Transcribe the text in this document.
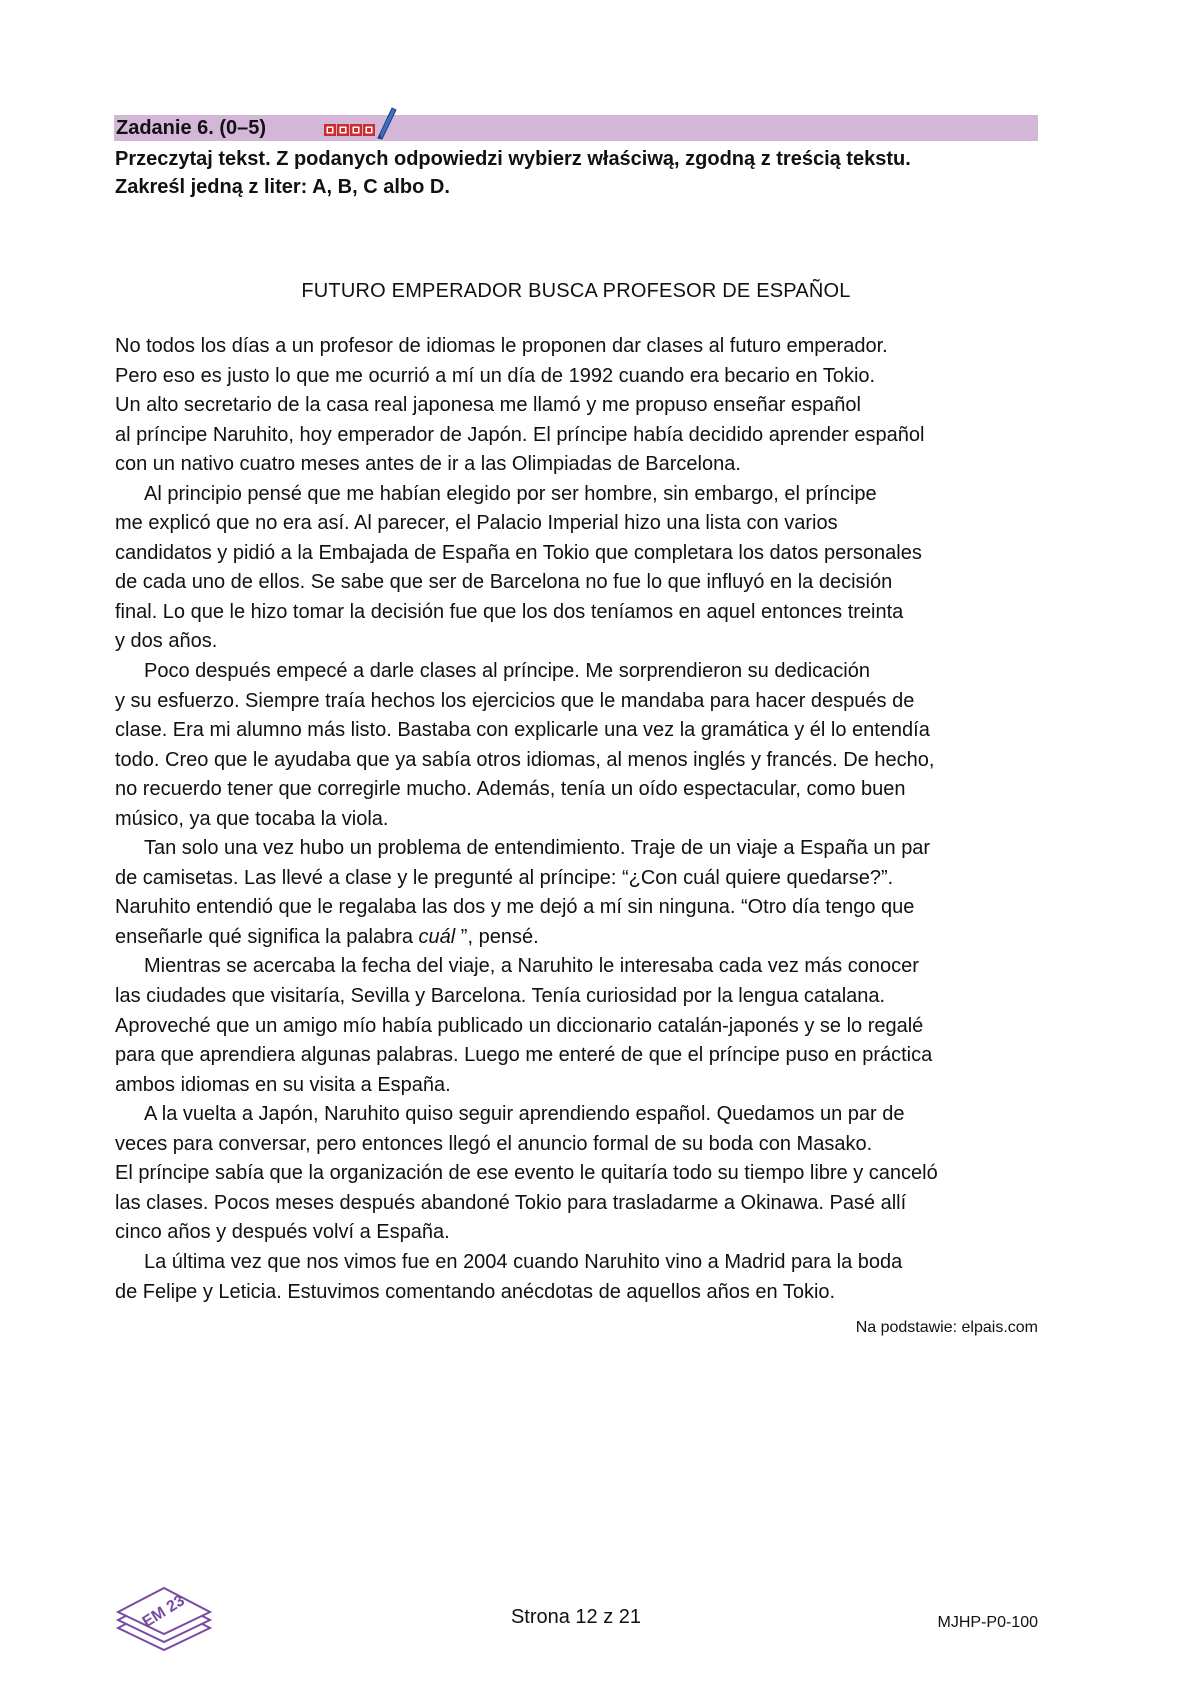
Zadanie 6. (0–5)
Przeczytaj tekst. Z podanych odpowiedzi wybierz właściwą, zgodną z treścią tekstu.
Zakreśl jedną z liter: A, B, C albo D.
FUTURO EMPERADOR BUSCA PROFESOR DE ESPAÑOL
No todos los días a un profesor de idiomas le proponen dar clases al futuro emperador.
Pero eso es justo lo que me ocurrió a mí un día de 1992 cuando era becario en Tokio.
Un alto secretario de la casa real japonesa me llamó y me propuso enseñar español
al príncipe Naruhito, hoy emperador de Japón. El príncipe había decidido aprender español
con un nativo cuatro meses antes de ir a las Olimpiadas de Barcelona.
Al principio pensé que me habían elegido por ser hombre, sin embargo, el príncipe
me explicó que no era así. Al parecer, el Palacio Imperial hizo una lista con varios
candidatos y pidió a la Embajada de España en Tokio que completara los datos personales
de cada uno de ellos. Se sabe que ser de Barcelona no fue lo que influyó en la decisión
final. Lo que le hizo tomar la decisión fue que los dos teníamos en aquel entonces treinta
y dos años.
Poco después empecé a darle clases al príncipe. Me sorprendieron su dedicación
y su esfuerzo. Siempre traía hechos los ejercicios que le mandaba para hacer después de
clase. Era mi alumno más listo. Bastaba con explicarle una vez la gramática y él lo entendía
todo. Creo que le ayudaba que ya sabía otros idiomas, al menos inglés y francés. De hecho,
no recuerdo tener que corregirle mucho. Además, tenía un oído espectacular, como buen
músico, ya que tocaba la viola.
Tan solo una vez hubo un problema de entendimiento. Traje de un viaje a España un par
de camisetas. Las llevé a clase y le pregunté al príncipe: “¿Con cuál quiere quedarse?”.
Naruhito entendió que le regalaba las dos y me dejó a mí sin ninguna. “Otro día tengo que
enseñarle qué significa la palabra cuál ”, pensé.
Mientras se acercaba la fecha del viaje, a Naruhito le interesaba cada vez más conocer
las ciudades que visitaría, Sevilla y Barcelona. Tenía curiosidad por la lengua catalana.
Aproveché que un amigo mío había publicado un diccionario catalán-japonés y se lo regalé
para que aprendiera algunas palabras. Luego me enteré de que el príncipe puso en práctica
ambos idiomas en su visita a España.
A la vuelta a Japón, Naruhito quiso seguir aprendiendo español. Quedamos un par de
veces para conversar, pero entonces llegó el anuncio formal de su boda con Masako.
El príncipe sabía que la organización de ese evento le quitaría todo su tiempo libre y canceló
las clases. Pocos meses después abandoné Tokio para trasladarme a Okinawa. Pasé allí
cinco años y después volví a España.
La última vez que nos vimos fue en 2004 cuando Naruhito vino a Madrid para la boda
de Felipe y Leticia. Estuvimos comentando anécdotas de aquellos años en Tokio.
Na podstawie: elpais.com
EM 23	Strona 12 z 21	MJHP-P0-100
